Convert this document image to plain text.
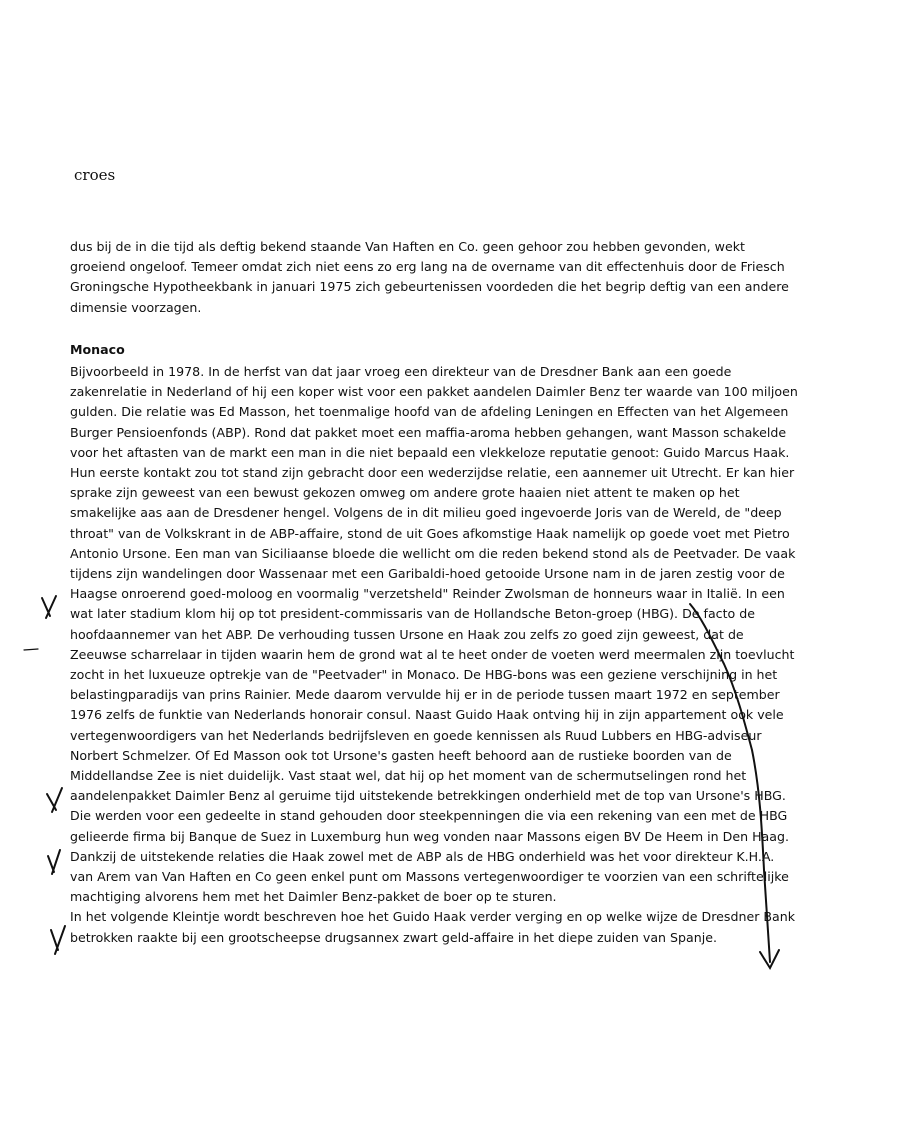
croes
dus bij de in die tijd als deftig bekend staande Van Haften en Co. geen gehoor zou hebben gevonden, wekt
groeiend ongeloof. Temeer omdat zich niet eens zo erg lang na de overname van dit effectenhuis door de Friesch
Groningsche Hypotheekbank in januari 1975 zich gebeurtenissen voordeden die het begrip deftig van een andere
dimensie voorzagen.
Monaco
Bijvoorbeeld in 1978. In de herfst van dat jaar vroeg een direkteur van de Dresdner Bank aan een goede
zakenrelatie in Nederland of hij een koper wist voor een pakket aandelen Daimler Benz ter waarde van 100 miljoen
gulden. Die relatie was Ed Masson, het toenmalige hoofd van de afdeling Leningen en Effecten van het Algemeen
Burger Pensioenfonds (ABP). Rond dat pakket moet een maffia-aroma hebben gehangen, want Masson schakelde
voor het aftasten van de markt een man in die niet bepaald een vlekkeloze reputatie genoot: Guido Marcus Haak.
Hun eerste kontakt zou tot stand zijn gebracht door een wederzijdse relatie, een aannemer uit Utrecht. Er kan hier
sprake zijn geweest van een bewust gekozen omweg om andere grote haaien niet attent te maken op het
smakelijke aas aan de Dresdener hengel. Volgens de in dit milieu goed ingevoerde Joris van de Wereld, de "deep
throat" van de Volkskrant in de ABP-affaire, stond de uit Goes afkomstige Haak namelijk op goede voet met Pietro
Antonio Ursone. Een man van Siciliaanse bloede die wellicht om die reden bekend stond als de Peetvader. De vaak
tijdens zijn wandelingen door Wassenaar met een Garibaldi-hoed getooide Ursone nam in de jaren zestig voor de
Haagse onroerend goed-moloog en voormalig "verzetsheld" Reinder Zwolsman de honneurs waar in Italië. In een
wat later stadium klom hij op tot president-commissaris van de Hollandsche Beton-groep (HBG). De facto de
hoofdaannemer van het ABP. De verhouding tussen Ursone en Haak zou zelfs zo goed zijn geweest, dat de
Zeeuwse scharrelaar in tijden waarin hem de grond wat al te heet onder de voeten werd meermalen zijn toevlucht
zocht in het luxueuze optrekje van de "Peetvader" in Monaco. De HBG-bons was een geziene verschijning in het
belastingparadijs van prins Rainier. Mede daarom vervulde hij er in de periode tussen maart 1972 en september
1976 zelfs de funktie van Nederlands honorair consul. Naast Guido Haak ontving hij in zijn appartement ook vele
vertegenwoordigers van het Nederlands bedrijfsleven en goede kennissen als Ruud Lubbers en HBG-adviseur
Norbert Schmelzer. Of Ed Masson ook tot Ursone's gasten heeft behoord aan de rustieke boorden van de
Middellandse Zee is niet duidelijk. Vast staat wel, dat hij op het moment van de schermutselingen rond het
aandelenpakket Daimler Benz al geruime tijd uitstekende betrekkingen onderhield met de top van Ursone's HBG.
Die werden voor een gedeelte in stand gehouden door steekpenningen die via een rekening van een met de HBG
gelieerde firma bij Banque de Suez in Luxemburg hun weg vonden naar Massons eigen BV De Heem in Den Haag.
Dankzij de uitstekende relaties die Haak zowel met de ABP als de HBG onderhield was het voor direkteur K.H.A.
van Arem van Van Haften en Co geen enkel punt om Massons vertegenwoordiger te voorzien van een schriftelijke
machtiging alvorens hem met het Daimler Benz-pakket de boer op te sturen.
In het volgende Kleintje wordt beschreven hoe het Guido Haak verder verging en op welke wijze de Dresdner Bank
betrokken raakte bij een grootscheepse drugsannex zwart geld-affaire in het diepe zuiden van Spanje.
